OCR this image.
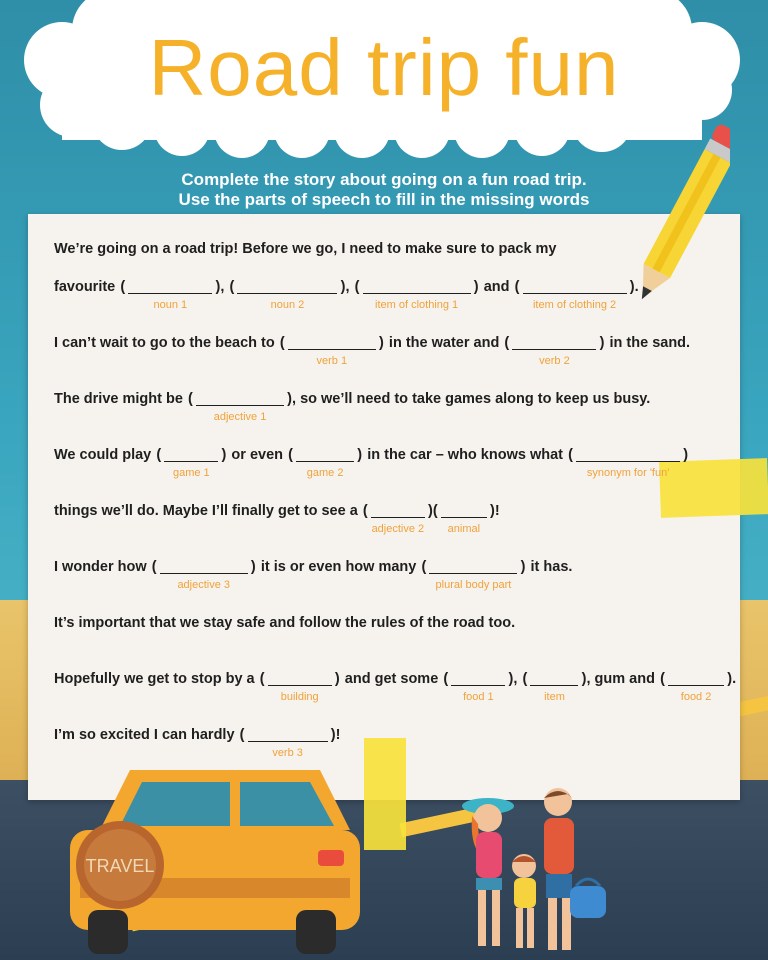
Road trip fun
Complete the story about going on a fun road trip.
Use the parts of speech to fill in the missing words
We’re going on a road trip! Before we go, I need to make sure to pack my
favourite (	)
noun 1
, (	)
noun 2
, (	)
item of clothing 1
and (	)
item of clothing 2
.
I can’t wait to go to the beach to (	)
verb 1
in the water and (	)
verb 2
in the sand.
The drive might be (	)
adjective 1
, so we’ll need to take games along to keep us busy.
We could play (	)
game 1
or even (	)
game 2
in the car – who knows what (	)
synonym for 'fun'
things we’ll do. Maybe I’ll finally get to see a (	)
adjective 2
(	)
animal
!
I wonder how (	)
adjective 3
it is or even how many (	)
plural body part
it has.
It’s important that we stay safe and follow the rules of the road too.
Hopefully we get to stop by a (	)
building
and get some (	)
food 1
, (	)
item
, gum and (	)
food 2
.
I’m so excited I can hardly (	)
verb 3
!
TRAVEL
